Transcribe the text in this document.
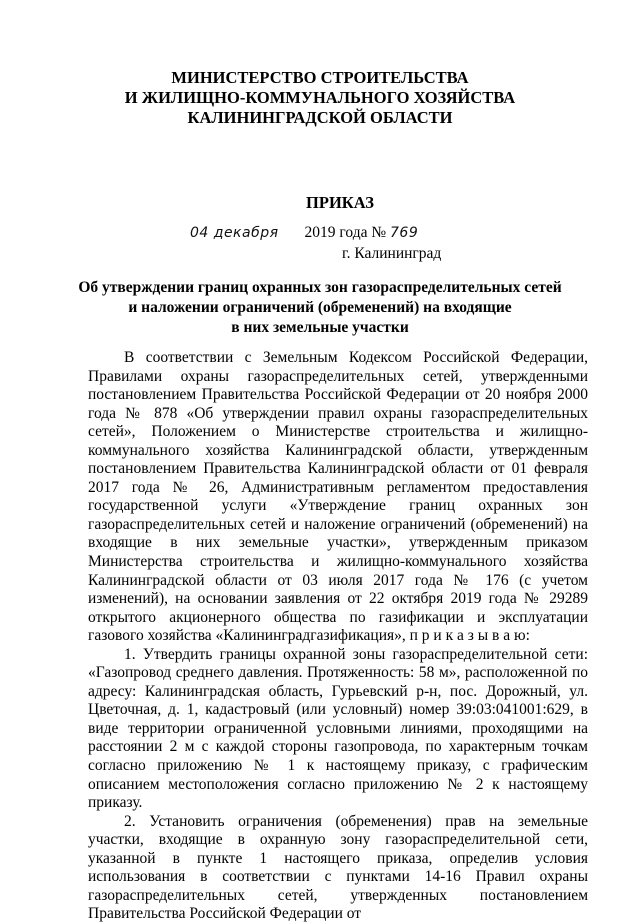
МИНИСТЕРСТВО СТРОИТЕЛЬСТВА
И ЖИЛИЩНО-КОММУНАЛЬНОГО ХОЗЯЙСТВА
КАЛИНИНГРАДСКОЙ ОБЛАСТИ
ПРИКАЗ
04 декабря 2019 года № 769
г. Калининград
Об утверждении границ охранных зон газораспределительных сетей
и наложении ограничений (обременений) на входящие
в них земельные участки

В соответствии с Земельным Кодексом Российской Федерации, Правилами охраны газораспределительных сетей, утвержденными постановлением Правительства Российской Федерации от 20 ноября 2000 года № 878 «Об утверждении правил охраны газораспределительных сетей», Положением о Министерстве строительства и жилищно-коммунального хозяйства Калининградской области, утвержденным постановлением Правительства Калининградской области от 01 февраля 2017 года № 26, Административным регламентом предоставления государственной услуги «Утверждение границ охранных зон газораспределительных сетей и наложение ограничений (обременений) на входящие в них земельные участки», утвержденным приказом Министерства строительства и жилищно-коммунального хозяйства Калининградской области от 03 июля 2017 года № 176 (с учетом изменений), на основании заявления от 22 октября 2019 года № 29289 открытого акционерного общества по газификации и эксплуатации газового хозяйства «Калининградгазификация», п р и к а з ы в а ю:

1. Утвердить границы охранной зоны газораспределительной сети: «Газопровод среднего давления. Протяженность: 58 м», расположенной по адресу: Калининградская область, Гурьевский р-н, пос. Дорожный, ул. Цветочная, д. 1, кадастровый (или условный) номер 39:03:041001:629, в виде территории ограниченной условными линиями, проходящими на расстоянии 2 м с каждой стороны газопровода, по характерным точкам согласно приложению № 1 к настоящему приказу, с графическим описанием местоположения согласно приложению № 2 к настоящему приказу.

2. Установить ограничения (обременения) прав на земельные участки, входящие в охранную зону газораспределительной сети, указанной в пункте 1 настоящего приказа, определив условия использования в соответствии с пунктами 14-16 Правил охраны газораспределительных сетей, утвержденных постановлением Правительства Российской Федерации от
